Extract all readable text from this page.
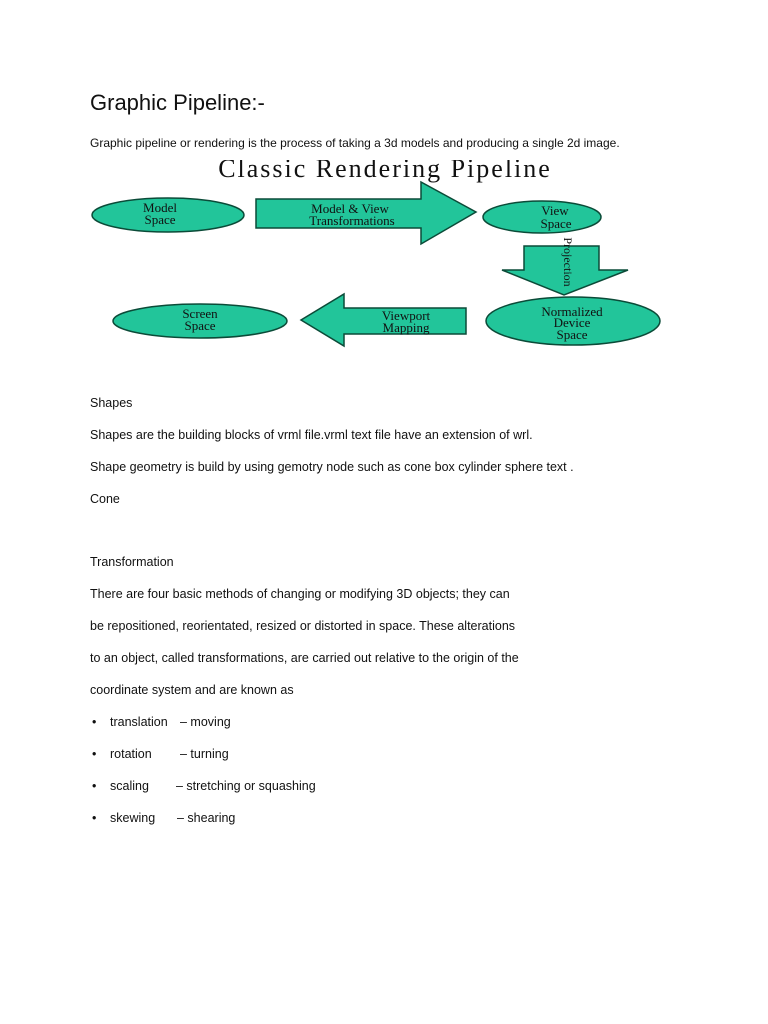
Graphic Pipeline:-
Graphic pipeline or rendering is the process of taking a 3d models and producing a single 2d image.
Classic Rendering Pipeline
Model
Space
Model & View
Transformations
View
Space
Projection
Normalized
Device
Space
Viewport
Mapping
Screen
Space
Shapes
Shapes are the building blocks of vrml file.vrml text file have an extension of wrl.
Shape geometry is build by using gemotry node such as cone box cylinder sphere text .
Cone
Transformation
There are four basic methods of changing or modifying 3D objects; they can
be repositioned, reorientated, resized or distorted in space. These alterations
to an object, called transformations, are carried out relative to the origin of the
coordinate system and are known as
• translation – moving
• rotation – turning
• scaling – stretching or squashing
• skewing – shearing
